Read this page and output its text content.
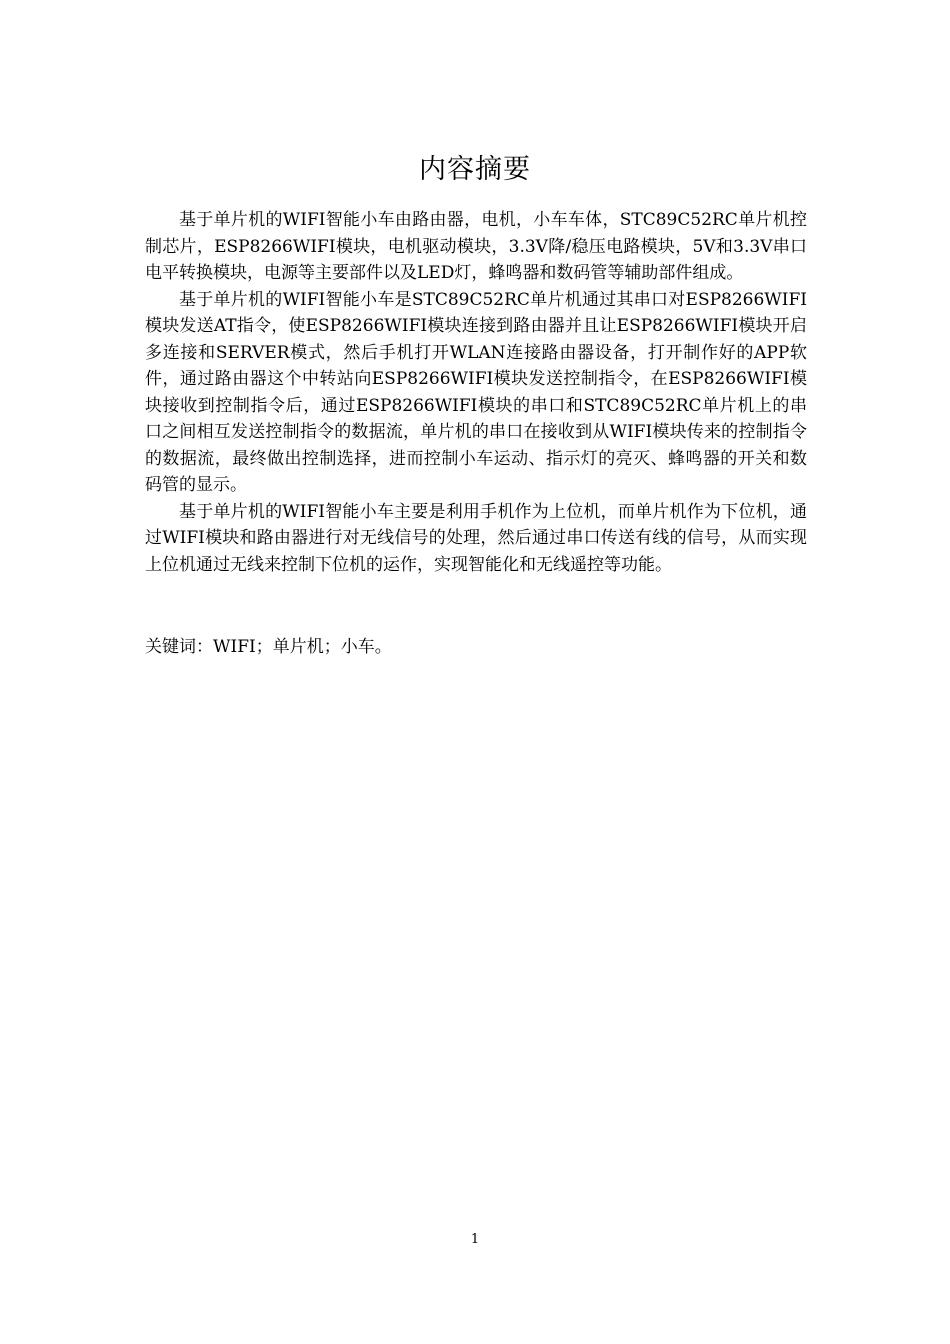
内容摘要

基于单片机的WIFI智能小车由路由器，电机，小车车体，STC89C52RC单片机控制芯片，ESP8266WIFI模块，电机驱动模块，3.3V降/稳压电路模块，5V和3.3V串口电平转换模块，电源等主要部件以及LED灯，蜂鸣器和数码管等辅助部件组成。

基于单片机的WIFI智能小车是STC89C52RC单片机通过其串口对ESP8266WIFI模块发送AT指令，使ESP8266WIFI模块连接到路由器并且让ESP8266WIFI模块开启多连接和SERVER模式，然后手机打开WLAN连接路由器设备，打开制作好的APP软件，通过路由器这个中转站向ESP8266WIFI模块发送控制指令，在ESP8266WIFI模块接收到控制指令后，通过ESP8266WIFI模块的串口和STC89C52RC单片机上的串口之间相互发送控制指令的数据流，单片机的串口在接收到从WIFI模块传来的控制指令的数据流，最终做出控制选择，进而控制小车运动、指示灯的亮灭、蜂鸣器的开关和数码管的显示。

基于单片机的WIFI智能小车主要是利用手机作为上位机，而单片机作为下位机，通过WIFI模块和路由器进行对无线信号的处理，然后通过串口传送有线的信号，从而实现上位机通过无线来控制下位机的运作，实现智能化和无线遥控等功能。

关键词：WIFI；单片机；小车。

1
